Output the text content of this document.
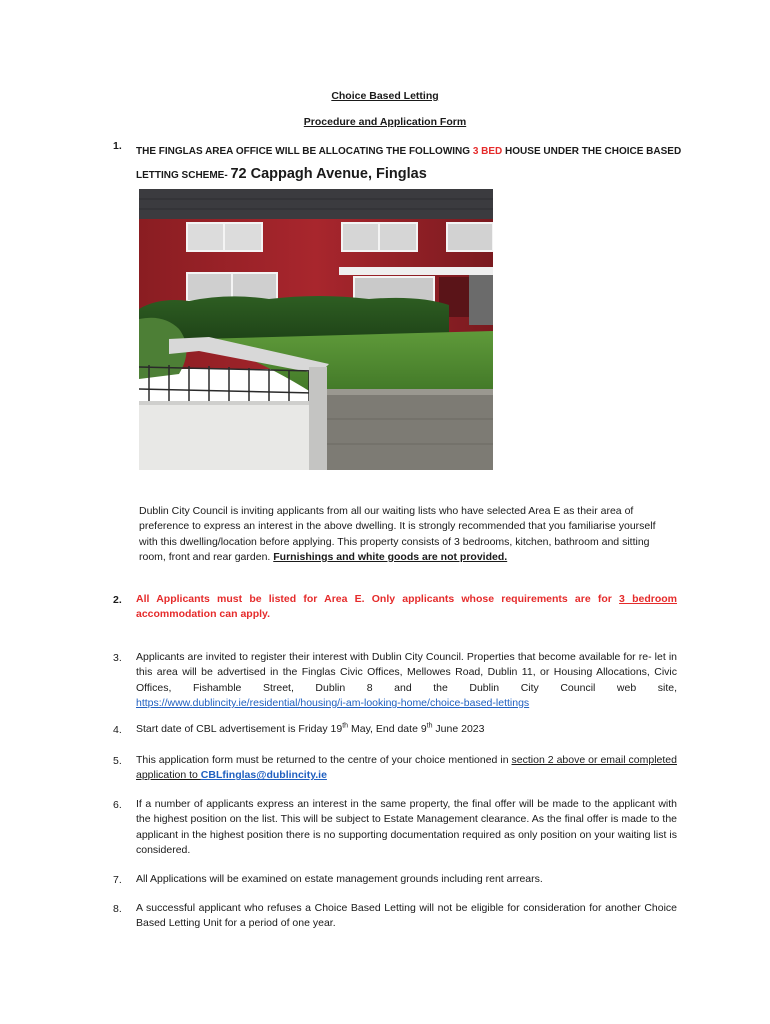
Choice Based Letting
Procedure and Application Form
1. THE FINGLAS AREA OFFICE WILL BE ALLOCATING THE FOLLOWING 3 BED HOUSE UNDER THE CHOICE BASED LETTING SCHEME- 72 Cappagh Avenue, Finglas
Dublin City Council is inviting applicants from all our waiting lists who have selected Area E as their area of preference to express an interest in the above dwelling. It is strongly recommended that you familiarise yourself with this dwelling/location before applying. This property consists of 3 bedrooms, kitchen, bathroom and sitting room, front and rear garden. Furnishings and white goods are not provided.
2. All Applicants must be listed for Area E. Only applicants whose requirements are for 3 bedroom accommodation can apply.
3. Applicants are invited to register their interest with Dublin City Council. Properties that become available for re- let in this area will be advertised in the Finglas Civic Offices, Mellowes Road, Dublin 11, or Housing Allocations, Civic Offices, Fishamble Street, Dublin 8 and the Dublin City Council web site, https://www.dublincity.ie/residential/housing/i-am-looking-home/choice-based-lettings
4. Start date of CBL advertisement is Friday 19th May, End date 9th June 2023
5. This application form must be returned to the centre of your choice mentioned in section 2 above or email completed application to CBLfinglas@dublincity.ie
6. If a number of applicants express an interest in the same property, the final offer will be made to the applicant with the highest position on the list. This will be subject to Estate Management clearance. As the final offer is made to the applicant in the highest position there is no supporting documentation required as only position on your waiting list is considered.
7. All Applications will be examined on estate management grounds including rent arrears.
8. A successful applicant who refuses a Choice Based Letting will not be eligible for consideration for another Choice Based Letting Unit for a period of one year.
